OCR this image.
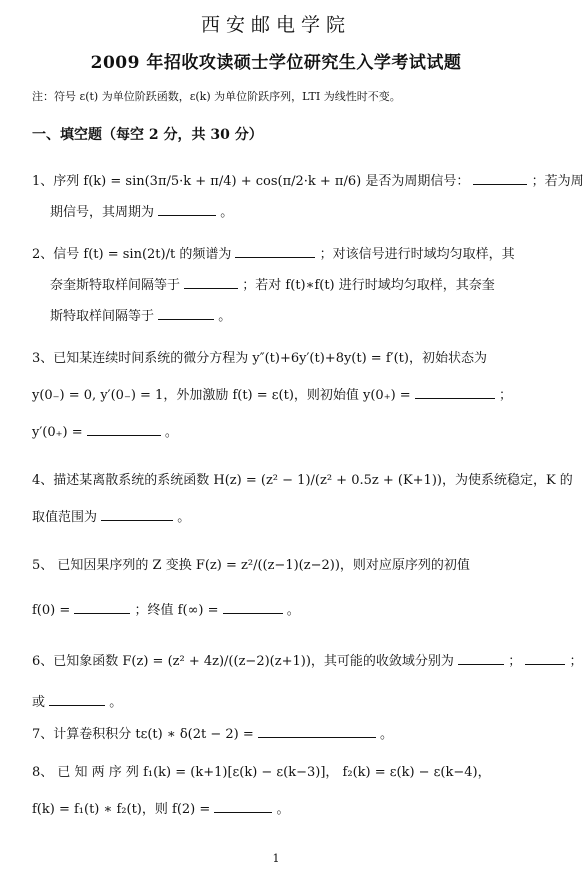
西安邮电学院
2009 年招收攻读硕士学位研究生入学考试试题
注：符号 ε(t) 为单位阶跃函数，ε(k) 为单位阶跃序列，LTI 为线性时不变。
一、填空题（每空 2 分，共 30 分）
1、序列 f(k) = sin(3π/5·k + π/4) + cos(π/2·k + π/6) 是否为周期信号：	；若为周
期信号，其周期为	。
2、信号 f(t) = sin(2t)/t 的频谱为	；对该信号进行时域均匀取样，其
奈奎斯特取样间隔等于	；若对 f(t)∗f(t) 进行时域均匀取样，其奈奎
斯特取样间隔等于	。
3、已知某连续时间系统的微分方程为 y″(t)+6y′(t)+8y(t) = f′(t)，初始状态为
y(0₋) = 0, y′(0₋) = 1，外加激励 f(t) = ε(t)，则初始值 y(0₊) =	；
y′(0₊) =	。
4、描述某离散系统的系统函数 H(z) = (z² − 1)/(z² + 0.5z + (K+1))，为使系统稳定，K 的
取值范围为	。
5、 已知因果序列的 Z 变换 F(z) = z²/((z−1)(z−2))，则对应原序列的初值
f(0) =	；终值 f(∞) =	。
6、已知象函数 F(z) = (z² + 4z)/((z−2)(z+1))，其可能的收敛域分别为	；	；
或	。
7、计算卷积积分 tε(t) ∗ δ(2t − 2) =	。
8、 已 知 两 序 列 f₁(k) = (k+1)[ε(k) − ε(k−3)]， f₂(k) = ε(k) − ε(k−4)，
f(k) = f₁(t) ∗ f₂(t)，则 f(2) =	。
1
